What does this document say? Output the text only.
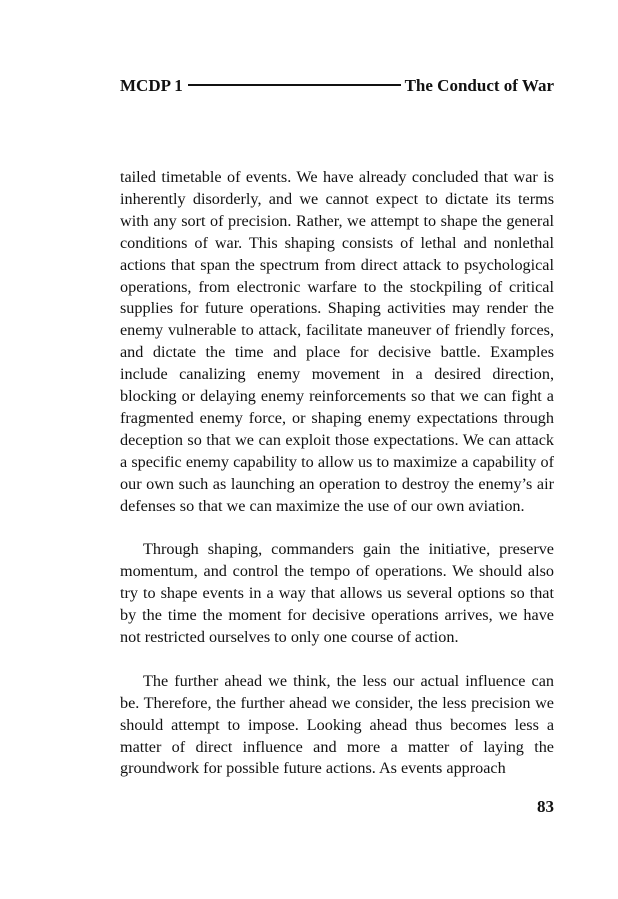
MCDP 1	The Conduct of War

tailed timetable of events. We have already concluded that war is inherently disorderly, and we cannot expect to dictate its terms with any sort of precision. Rather, we attempt to shape the general conditions of war. This shaping consists of lethal and nonlethal actions that span the spectrum from direct attack to psychological operations, from electronic warfare to the stockpiling of critical supplies for future operations. Shaping activities may render the enemy vulnerable to attack, facilitate maneuver of friendly forces, and dictate the time and place for decisive battle. Examples include canalizing enemy movement in a desired direction, blocking or delaying enemy reinforcements so that we can fight a fragmented enemy force, or shaping enemy expectations through deception so that we can exploit those expectations. We can attack a specific enemy capability to allow us to maximize a capability of our own such as launching an operation to destroy the enemy’s air defenses so that we can maximize the use of our own aviation.

Through shaping, commanders gain the initiative, preserve momentum, and control the tempo of operations. We should also try to shape events in a way that allows us several options so that by the time the moment for decisive operations arrives, we have not restricted ourselves to only one course of action.

The further ahead we think, the less our actual influence can be. Therefore, the further ahead we consider, the less precision we should attempt to impose. Looking ahead thus becomes less a matter of direct influence and more a matter of laying the groundwork for possible future actions. As events approach

83
